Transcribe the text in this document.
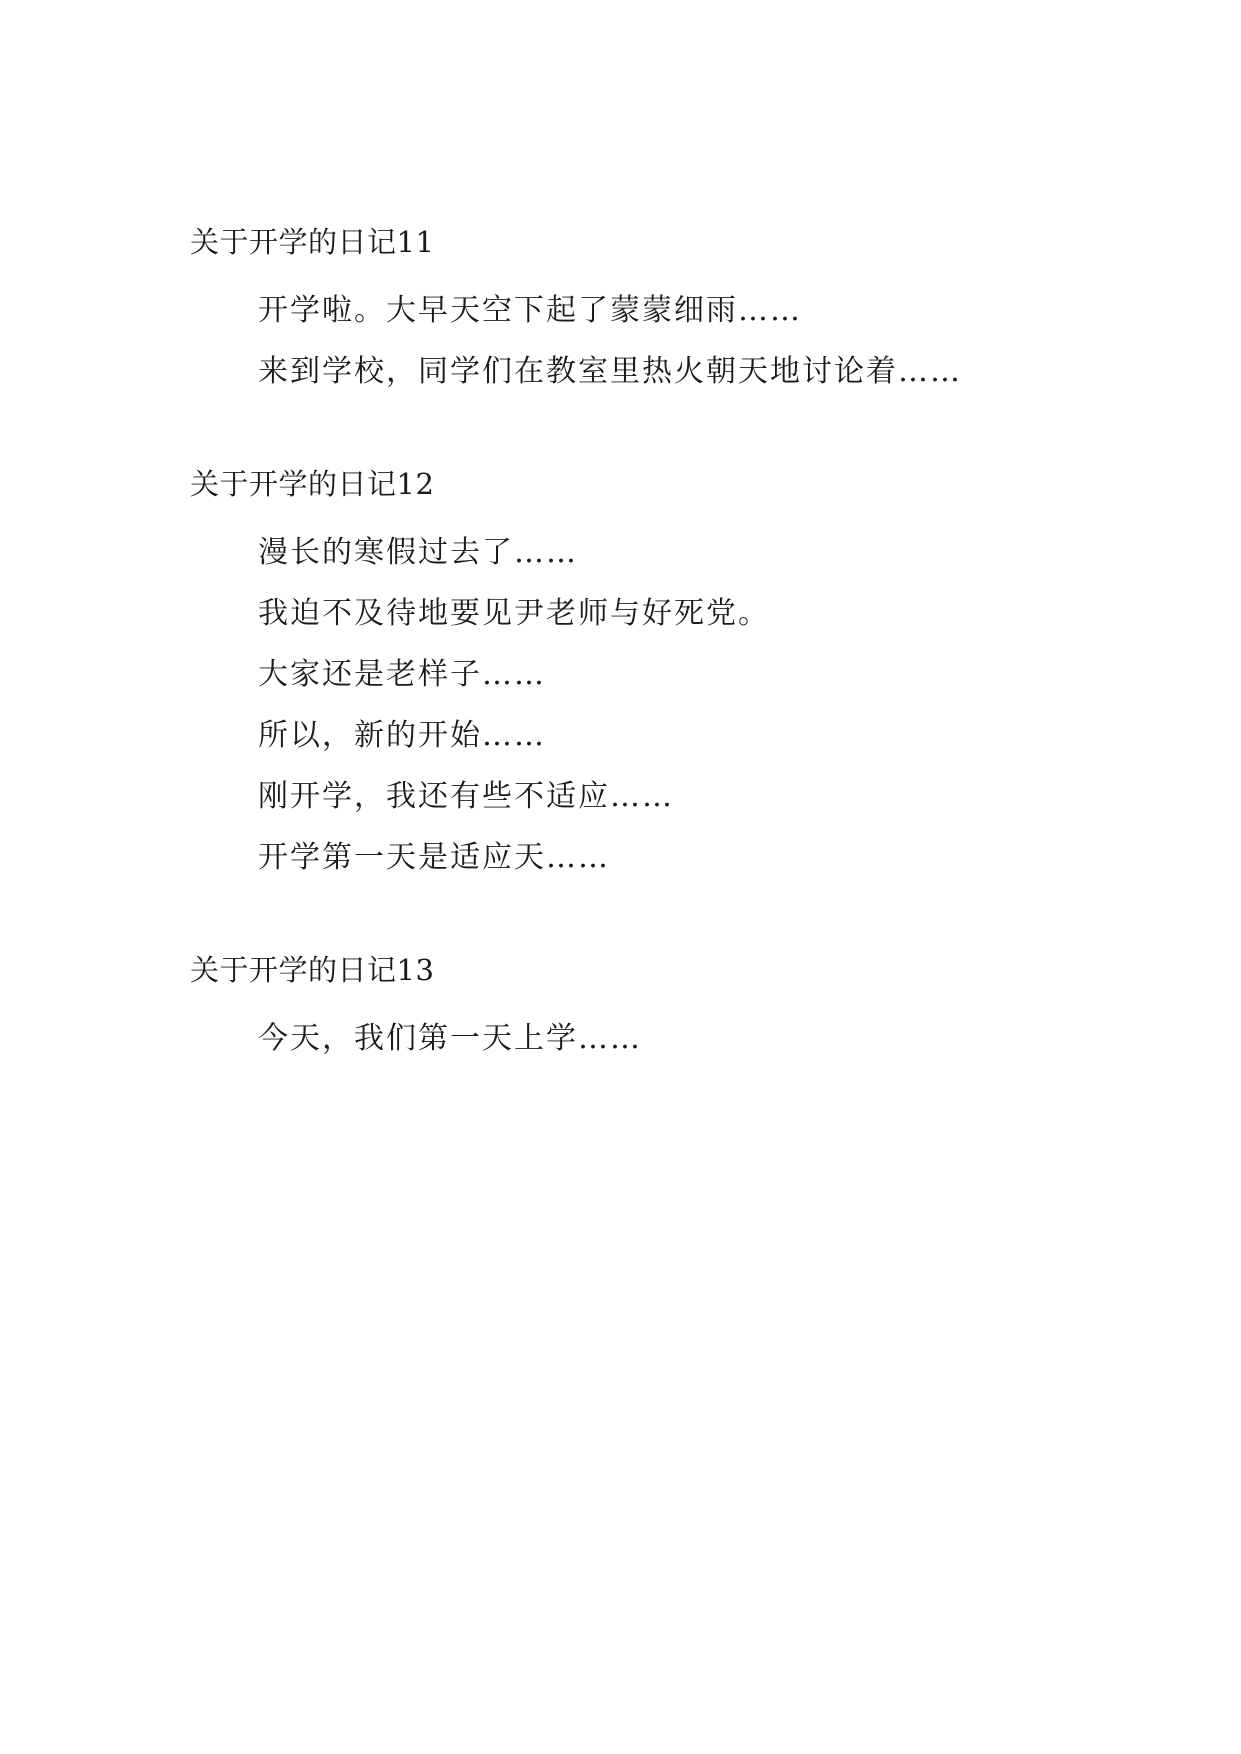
关于开学的日记11

开学啦。大早天空下起了蒙蒙细雨……

来到学校，同学们在教室里热火朝天地讨论着……

关于开学的日记12

漫长的寒假过去了……

我迫不及待地要见尹老师与好死党。

大家还是老样子……

所以，新的开始……

刚开学，我还有些不适应……

开学第一天是适应天……

关于开学的日记13

今天，我们第一天上学……
